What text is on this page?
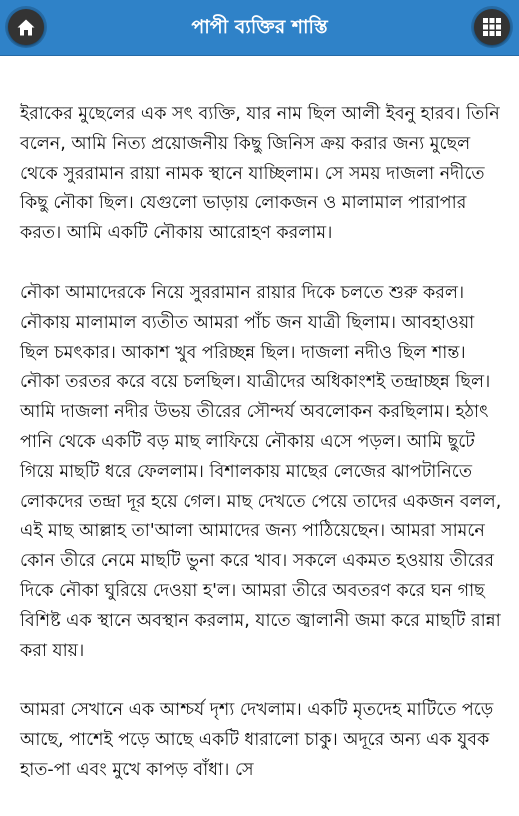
পাপী ব্যক্তির শাস্তি

ইরাকের মুছেলের এক সৎ ব্যক্তি, যার নাম ছিল আলী ইবনু হারব। তিনি বলেন, আমি নিত্য প্রয়োজনীয় কিছু জিনিস ক্রয় করার জন্য মুছেল থেকে সুররামান রায়া নামক স্থানে যাচ্ছিলাম। সে সময় দাজলা নদীতে কিছু নৌকা ছিল। যেগুলো ভাড়ায় লোকজন ও মালামাল পারাপার করত। আমি একটি নৌকায় আরোহণ করলাম।

নৌকা আমাদেরকে নিয়ে সুররামান রায়ার দিকে চলতে শুরু করল। নৌকায় মালামাল ব্যতীত আমরা পাঁচ জন যাত্রী ছিলাম। আবহাওয়া ছিল চমৎকার। আকাশ খুব পরিচ্ছন্ন ছিল। দাজলা নদীও ছিল শান্ত। নৌকা তরতর করে বয়ে চলছিল। যাত্রীদের অধিকাংশই তন্দ্রাচ্ছন্ন ছিল। আমি দাজলা নদীর উভয় তীরের সৌন্দর্য অবলোকন করছিলাম। হঠাৎ পানি থেকে একটি বড় মাছ লাফিয়ে নৌকায় এসে পড়ল। আমি ছুটে গিয়ে মাছটি ধরে ফেললাম। বিশালকায় মাছের লেজের ঝাপটানিতে লোকদের তন্দ্রা দূর হয়ে গেল। মাছ দেখতে পেয়ে তাদের একজন বলল, এই মাছ আল্লাহ তা'আলা আমাদের জন্য পাঠিয়েছেন। আমরা সামনে কোন তীরে নেমে মাছটি ভুনা করে খাব। সকলে একমত হওয়ায় তীরের দিকে নৌকা ঘুরিয়ে দেওয়া হ'ল। আমরা তীরে অবতরণ করে ঘন গাছ বিশিষ্ট এক স্থানে অবস্থান করলাম, যাতে জ্বালানী জমা করে মাছটি রান্না করা যায়।

আমরা সেখানে এক আশ্চর্য দৃশ্য দেখলাম। একটি মৃতদেহ মাটিতে পড়ে আছে, পাশেই পড়ে আছে একটি ধারালো চাকু। অদূরে অন্য এক যুবক হাত-পা এবং মুখে কাপড় বাঁধা। সে
